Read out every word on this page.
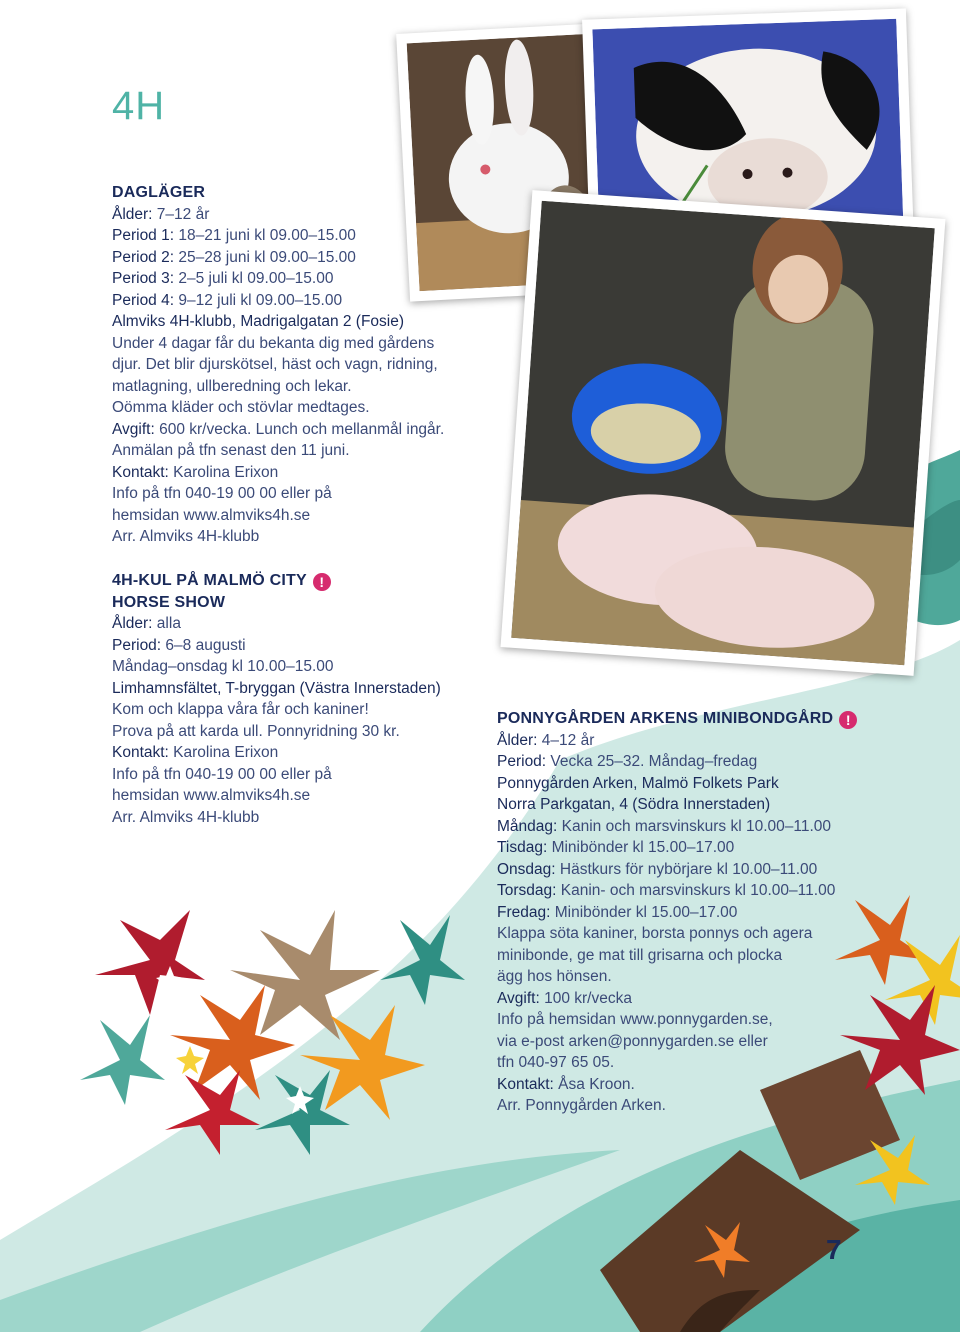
4H
DAGLÄGER
Ålder: 7–12 år
Period 1: 18–21 juni kl 09.00–15.00
Period 2: 25–28 juni kl 09.00–15.00
Period 3: 2–5 juli kl 09.00–15.00
Period 4: 9–12 juli kl 09.00–15.00
Almviks 4H-klubb, Madrigalgatan 2 (Fosie)
Under 4 dagar får du bekanta dig med gårdens
djur. Det blir djurskötsel, häst och vagn, ridning,
matlagning, ullberedning och lekar.
Oömma kläder och stövlar medtages.
Avgift: 600 kr/vecka. Lunch och mellanmål ingår.
Anmälan på tfn senast den 11 juni.
Kontakt: Karolina Erixon
Info på tfn 040-19 00 00 eller på
hemsidan www.almviks4h.se
Arr. Almviks 4H-klubb
4H-KUL PÅ MALMÖ CITY !
HORSE SHOW
Ålder: alla
Period: 6–8 augusti
Måndag–onsdag kl 10.00–15.00
Limhamnsfältet, T-bryggan (Västra Innerstaden)
Kom och klappa våra får och kaniner!
Prova på att karda ull. Ponnyridning 30 kr.
Kontakt: Karolina Erixon
Info på tfn 040-19 00 00 eller på
hemsidan www.almviks4h.se
Arr. Almviks 4H-klubb
PONNYGÅRDEN ARKENS MINIBONDGÅRD !
Ålder: 4–12 år
Period: Vecka 25–32. Måndag–fredag
Ponnygården Arken, Malmö Folkets Park
Norra Parkgatan, 4 (Södra Innerstaden)
Måndag: Kanin och marsvinskurs kl 10.00–11.00
Tisdag: Minibönder kl 15.00–17.00
Onsdag: Hästkurs för nybörjare kl 10.00–11.00
Torsdag: Kanin- och marsvinskurs kl 10.00–11.00
Fredag: Minibönder kl 15.00–17.00
Klappa söta kaniner, borsta ponnys och agera
minibonde, ge mat till grisarna och plocka
ägg hos hönsen.
Avgift: 100 kr/vecka
Info på hemsidan www.ponnygarden.se,
via e-post arken@ponnygarden.se eller
tfn 040-97 65 05.
Kontakt: Åsa Kroon.
Arr. Ponnygården Arken.
7
